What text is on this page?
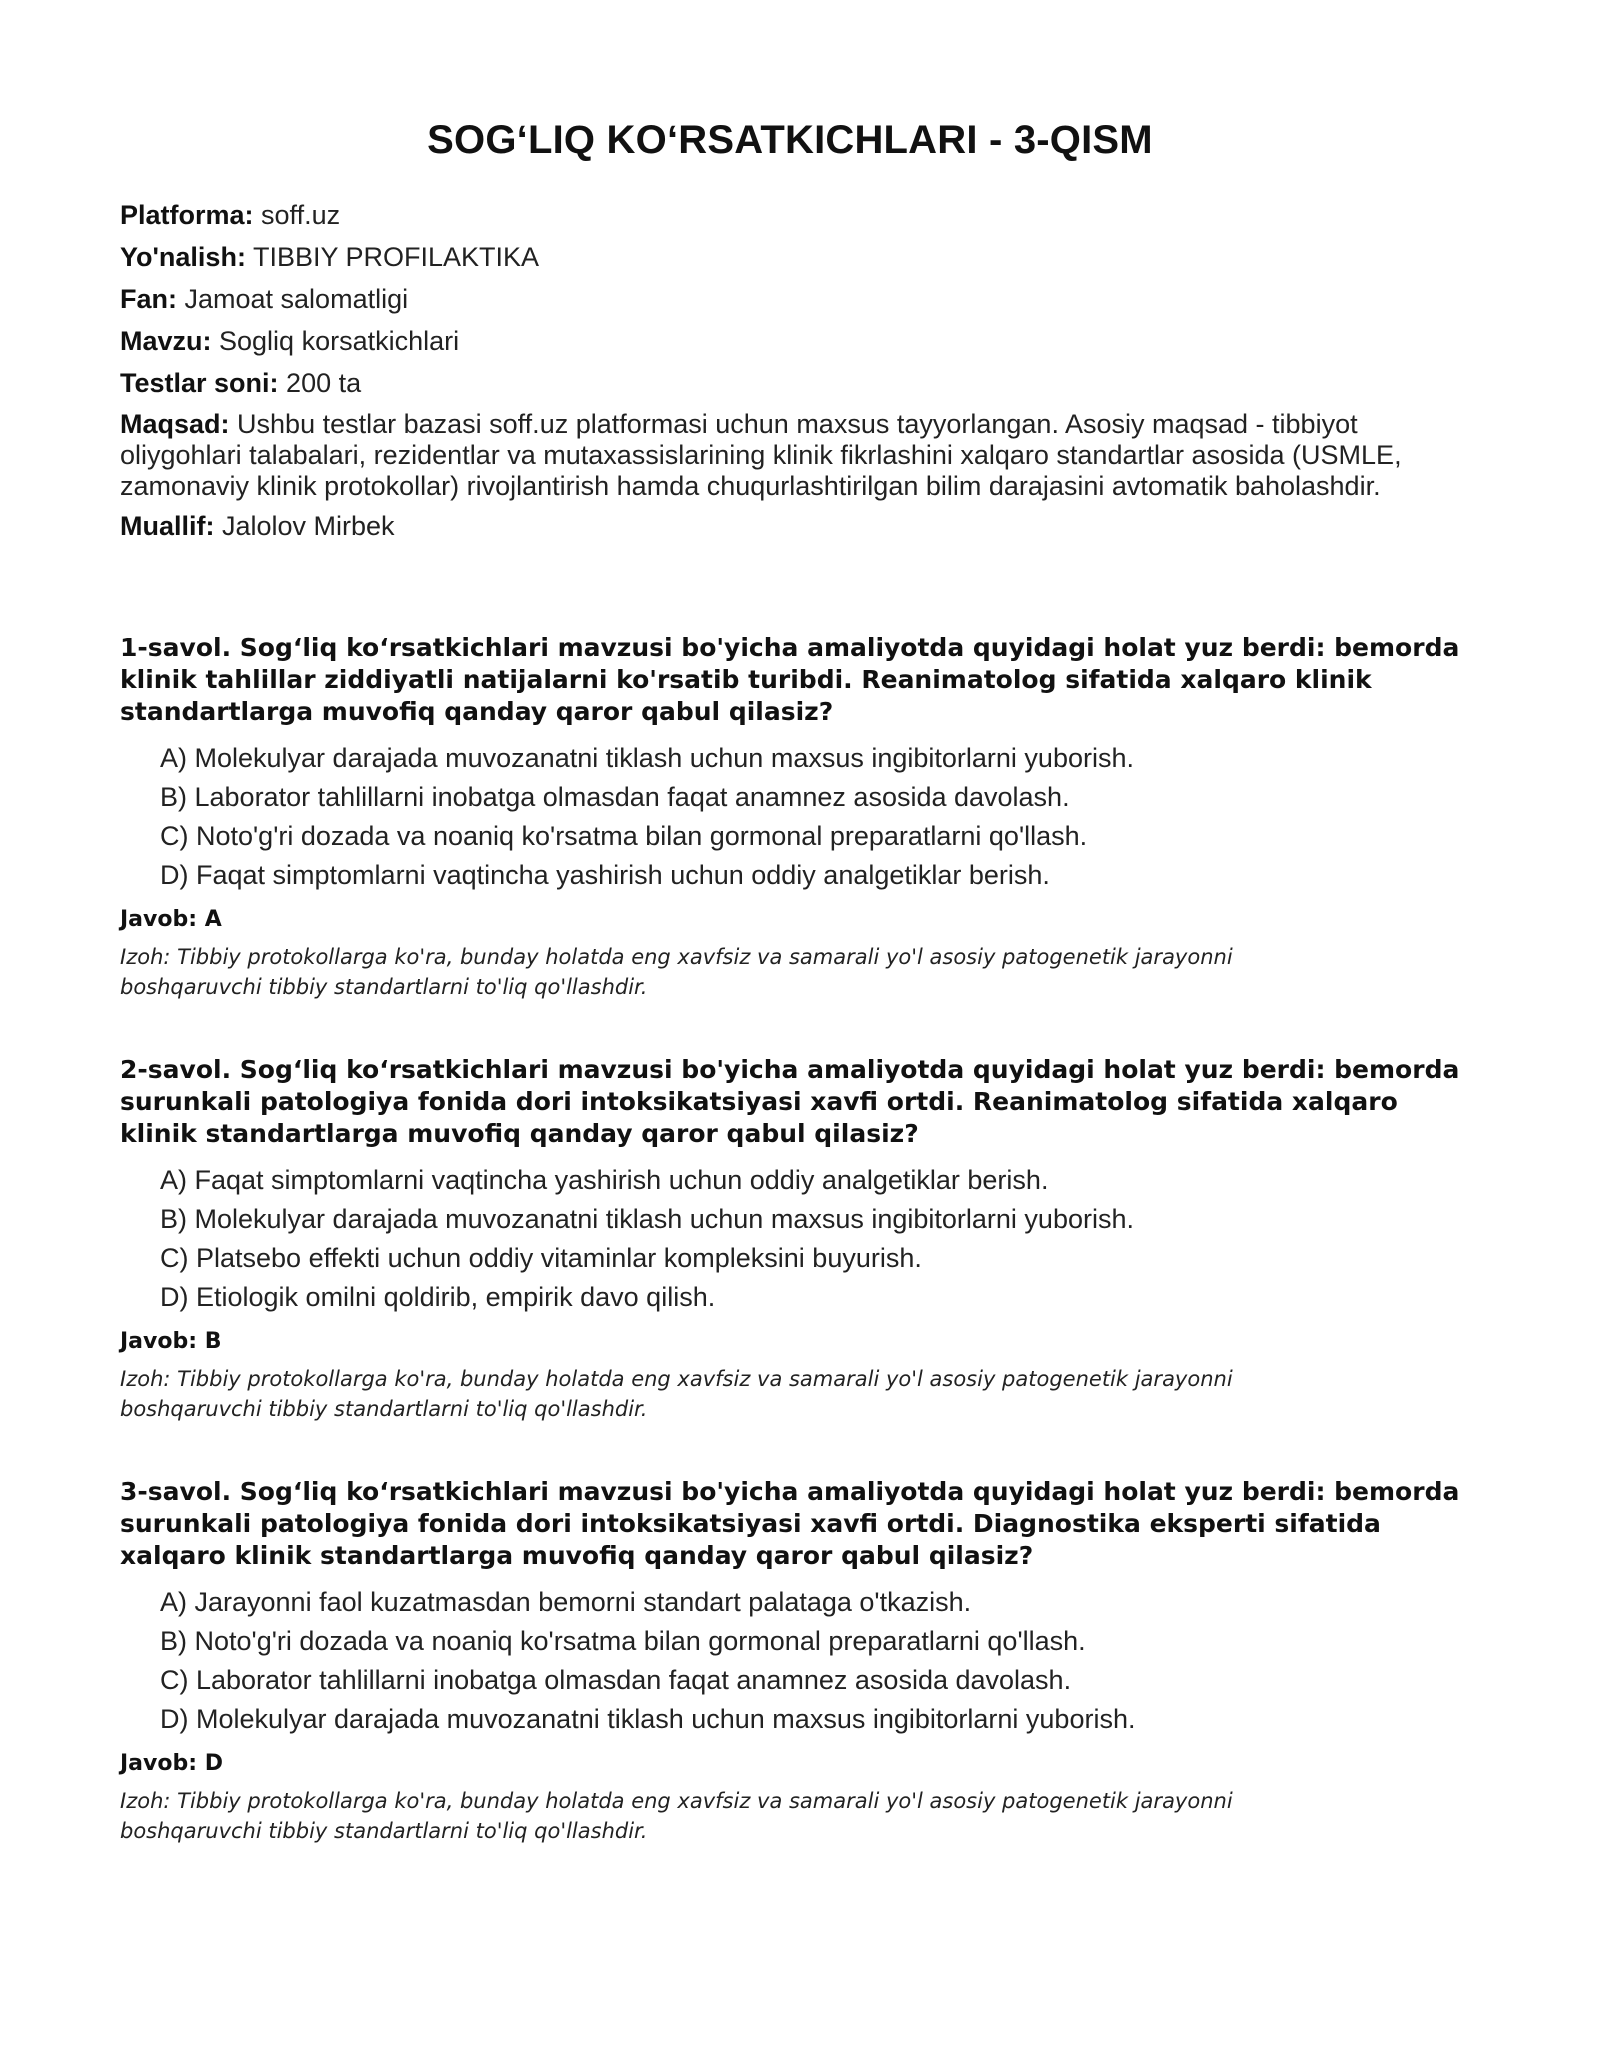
SOG‘LIQ KO‘RSATKICHLARI - 3-QISM
Platforma: soff.uz
Yo'nalish: TIBBIY PROFILAKTIKA
Fan: Jamoat salomatligi
Mavzu: Sogliq korsatkichlari
Testlar soni: 200 ta
Maqsad: Ushbu testlar bazasi soff.uz platformasi uchun maxsus tayyorlangan. Asosiy maqsad - tibbiyot oliygohlari talabalari, rezidentlar va mutaxassislarining klinik fikrlashini xalqaro standartlar asosida (USMLE, zamonaviy klinik protokollar) rivojlantirish hamda chuqurlashtirilgan bilim darajasini avtomatik baholashdir.
Muallif: Jalolov Mirbek
1-savol. Sog‘liq ko‘rsatkichlari mavzusi bo'yicha amaliyotda quyidagi holat yuz berdi: bemorda klinik tahlillar ziddiyatli natijalarni ko'rsatib turibdi. Reanimatolog sifatida xalqaro klinik standartlarga muvofiq qanday qaror qabul qilasiz?
A) Molekulyar darajada muvozanatni tiklash uchun maxsus ingibitorlarni yuborish.
B) Laborator tahlillarni inobatga olmasdan faqat anamnez asosida davolash.
C) Noto'g'ri dozada va noaniq ko'rsatma bilan gormonal preparatlarni qo'llash.
D) Faqat simptomlarni vaqtincha yashirish uchun oddiy analgetiklar berish.
Javob: A
Izoh: Tibbiy protokollarga ko'ra, bunday holatda eng xavfsiz va samarali yo'l asosiy patogenetik jarayonni boshqaruvchi tibbiy standartlarni to'liq qo'llashdir.
2-savol. Sog‘liq ko‘rsatkichlari mavzusi bo'yicha amaliyotda quyidagi holat yuz berdi: bemorda surunkali patologiya fonida dori intoksikatsiyasi xavfi ortdi. Reanimatolog sifatida xalqaro klinik standartlarga muvofiq qanday qaror qabul qilasiz?
A) Faqat simptomlarni vaqtincha yashirish uchun oddiy analgetiklar berish.
B) Molekulyar darajada muvozanatni tiklash uchun maxsus ingibitorlarni yuborish.
C) Platsebo effekti uchun oddiy vitaminlar kompleksini buyurish.
D) Etiologik omilni qoldirib, empirik davo qilish.
Javob: B
Izoh: Tibbiy protokollarga ko'ra, bunday holatda eng xavfsiz va samarali yo'l asosiy patogenetik jarayonni boshqaruvchi tibbiy standartlarni to'liq qo'llashdir.
3-savol. Sog‘liq ko‘rsatkichlari mavzusi bo'yicha amaliyotda quyidagi holat yuz berdi: bemorda surunkali patologiya fonida dori intoksikatsiyasi xavfi ortdi. Diagnostika eksperti sifatida xalqaro klinik standartlarga muvofiq qanday qaror qabul qilasiz?
A) Jarayonni faol kuzatmasdan bemorni standart palataga o'tkazish.
B) Noto'g'ri dozada va noaniq ko'rsatma bilan gormonal preparatlarni qo'llash.
C) Laborator tahlillarni inobatga olmasdan faqat anamnez asosida davolash.
D) Molekulyar darajada muvozanatni tiklash uchun maxsus ingibitorlarni yuborish.
Javob: D
Izoh: Tibbiy protokollarga ko'ra, bunday holatda eng xavfsiz va samarali yo'l asosiy patogenetik jarayonni boshqaruvchi tibbiy standartlarni to'liq qo'llashdir.
